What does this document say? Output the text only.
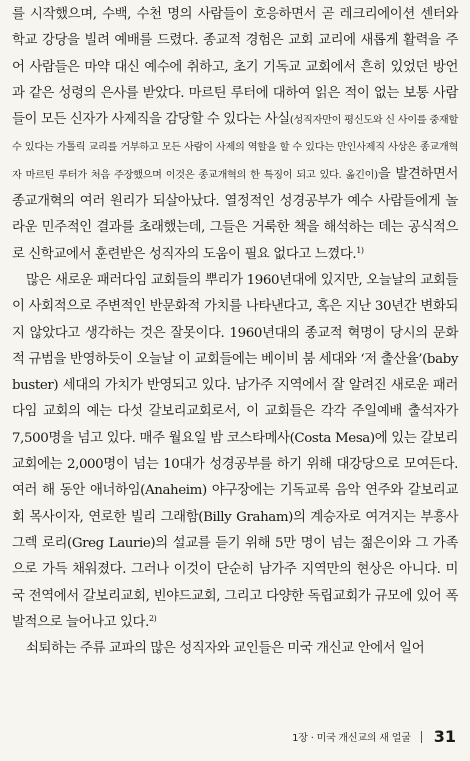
를 시작했으며, 수백, 수천 명의 사람들이 호응하면서 곧 레크리에이션 센터와 학교 강당을 빌려 예배를 드렸다. 종교적 경험은 교회 교리에 새롭게 활력을 주어 사람들은 마약 대신 예수에 취하고, 초기 기독교 교회에서 흔히 있었던 방언과 같은 성령의 은사를 받았다. 마르틴 루터에 대하여 읽은 적이 없는 보통 사람들이 모든 신자가 사제직을 감당할 수 있다는 사실(성직자만이 평신도와 신 사이를 중재할 수 있다는 가톨릭 교리를 거부하고 모든 사람이 사제의 역할을 할 수 있다는 만인사제직 사상은 종교개혁자 마르틴 루터가 처음 주장했으며 이것은 종교개혁의 한 특징이 되고 있다. 옮긴이)을 발견하면서 종교개혁의 여러 원리가 되살아났다. 열정적인 성경공부가 예수 사람들에게 놀라운 민주적인 결과를 초래했는데, 그들은 거룩한 책을 해석하는 데는 공식적으로 신학교에서 훈련받은 성직자의 도움이 필요 없다고 느꼈다.$^{1)}$

많은 새로운 패러다임 교회들의 뿌리가 1960년대에 있지만, 오늘날의 교회들이 사회적으로 주변적인 반문화적 가치를 나타낸다고, 혹은 지난 30년간 변화되지 않았다고 생각하는 것은 잘못이다. 1960년대의 종교적 혁명이 당시의 문화적 규범을 반영하듯이 오늘날 이 교회들에는 베이비 붐 세대와 ‘저 출산율’(baby buster) 세대의 가치가 반영되고 있다. 남가주 지역에서 잘 알려진 새로운 패러다임 교회의 예는 다섯 갈보리교회로서, 이 교회들은 각각 주일예배 출석자가 7,500명을 넘고 있다. 매주 월요일 밤 코스타메사(Costa Mesa)에 있는 갈보리교회에는 2,000명이 넘는 10대가 성경공부를 하기 위해 대강당으로 모여든다. 여러 해 동안 애너하임(Anaheim) 야구장에는 기독교록 음악 연주와 갈보리교회 목사이자, 연로한 빌리 그래함(Billy Graham)의 계승자로 여겨지는 부흥사 그렉 로리(Greg Laurie)의 설교를 듣기 위해 5만 명이 넘는 젊은이와 그 가족으로 가득 채워졌다. 그러나 이것이 단순히 남가주 지역만의 현상은 아니다. 미국 전역에서 갈보리교회, 빈야드교회, 그리고 다양한 독립교회가 규모에 있어 폭발적으로 늘어나고 있다.$^{2)}$

쇠퇴하는 주류 교파의 많은 성직자와 교인들은 미국 개신교 안에서 일어

1장 · 미국 개신교의 새 얼굴 31
